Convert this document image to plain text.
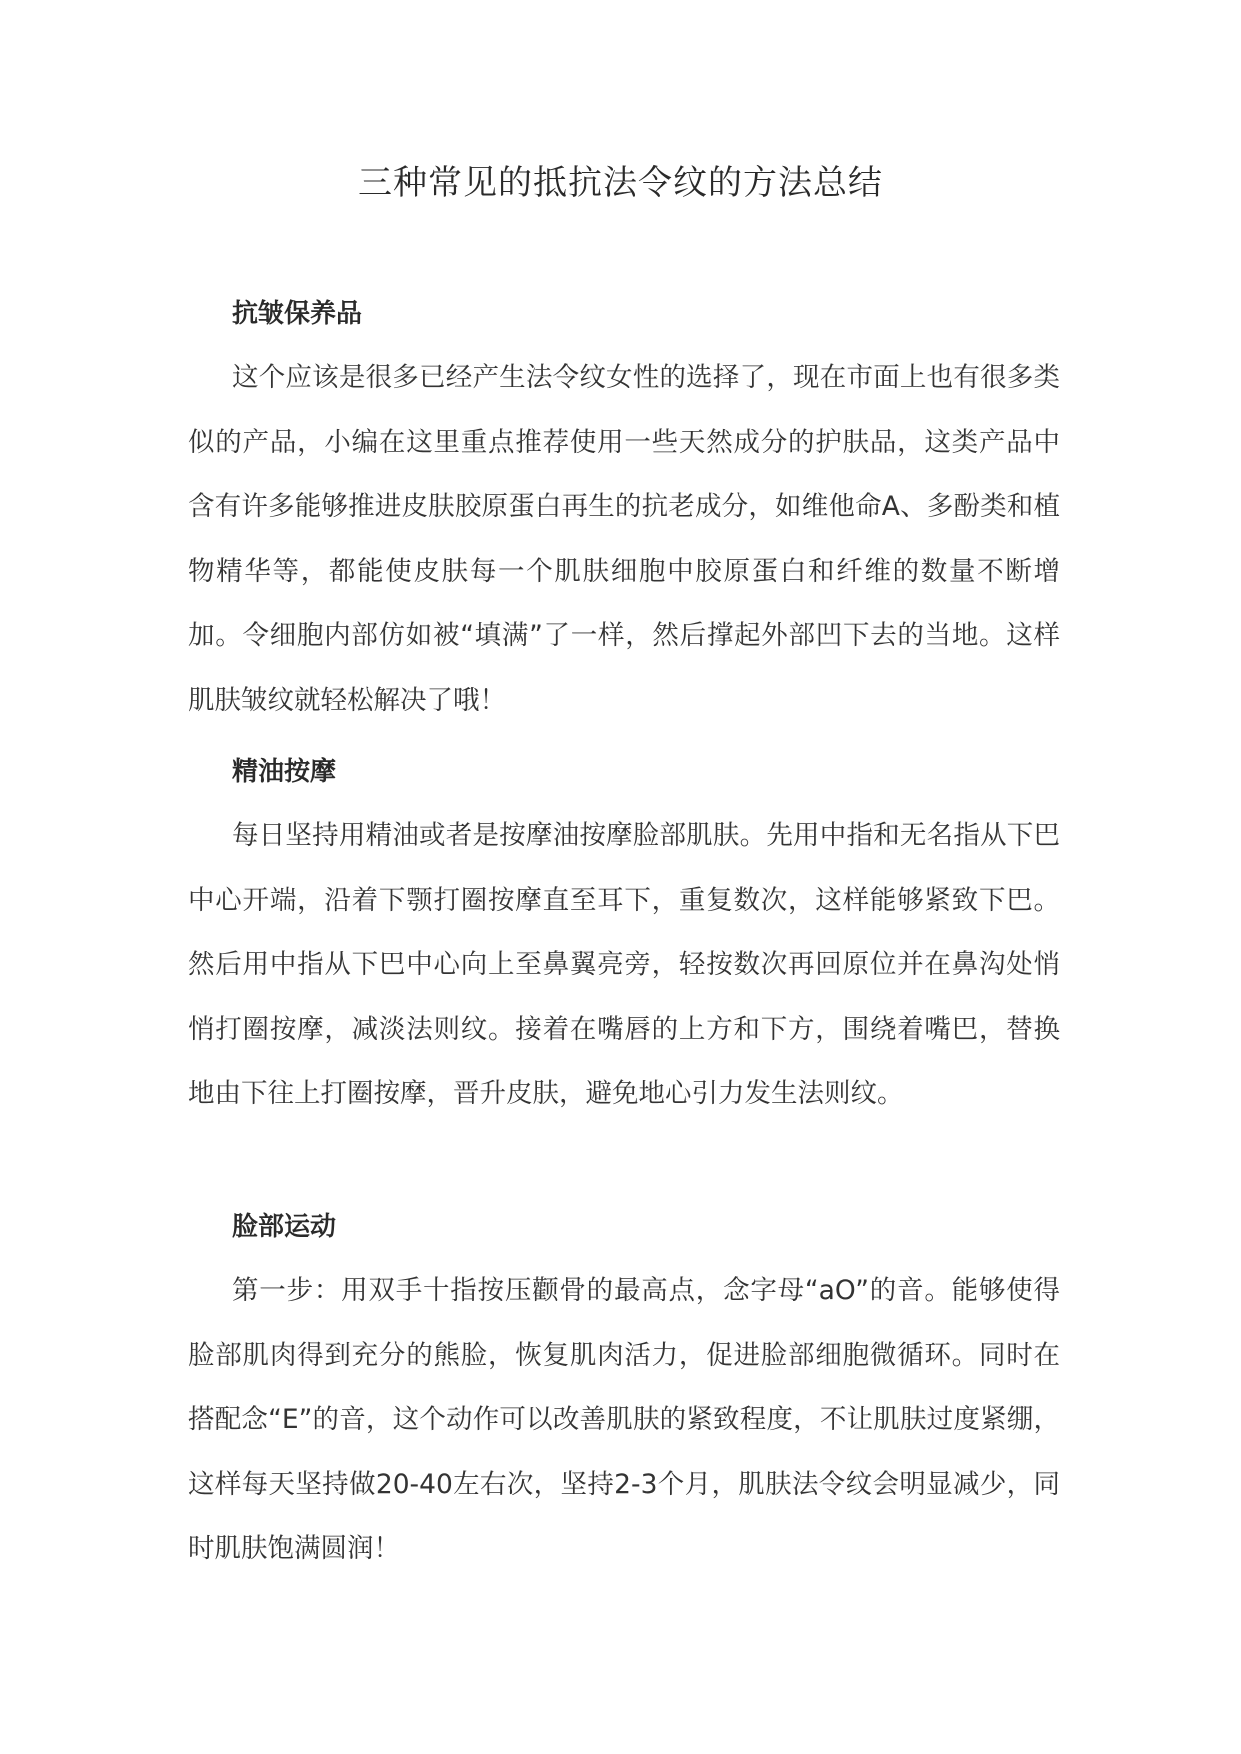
三种常见的抵抗法令纹的方法总结
抗皱保养品

这个应该是很多已经产生法令纹女性的选择了，现在市面上也有很多类似的产品，小编在这里重点推荐使用一些天然成分的护肤品，这类产品中含有许多能够推进皮肤胶原蛋白再生的抗老成分，如维他命A、多酚类和植物精华等，都能使皮肤每一个肌肤细胞中胶原蛋白和纤维的数量不断增加。令细胞内部仿如被“填满”了一样，然后撑起外部凹下去的当地。这样肌肤皱纹就轻松解决了哦！

精油按摩

每日坚持用精油或者是按摩油按摩脸部肌肤。先用中指和无名指从下巴中心开端，沿着下颚打圈按摩直至耳下，重复数次，这样能够紧致下巴。然后用中指从下巴中心向上至鼻翼亮旁，轻按数次再回原位并在鼻沟处悄悄打圈按摩，减淡法则纹。接着在嘴唇的上方和下方，围绕着嘴巴，替换地由下往上打圈按摩，晋升皮肤，避免地心引力发生法则纹。

脸部运动

第一步：用双手十指按压颧骨的最高点，念字母“aO”的音。能够使得脸部肌肉得到充分的熊脸，恢复肌肉活力，促进脸部细胞微循环。同时在搭配念“E”的音，这个动作可以改善肌肤的紧致程度，不让肌肤过度紧绷，这样每天坚持做20-40左右次，坚持2-3个月，肌肤法令纹会明显减少，同时肌肤饱满圆润！
